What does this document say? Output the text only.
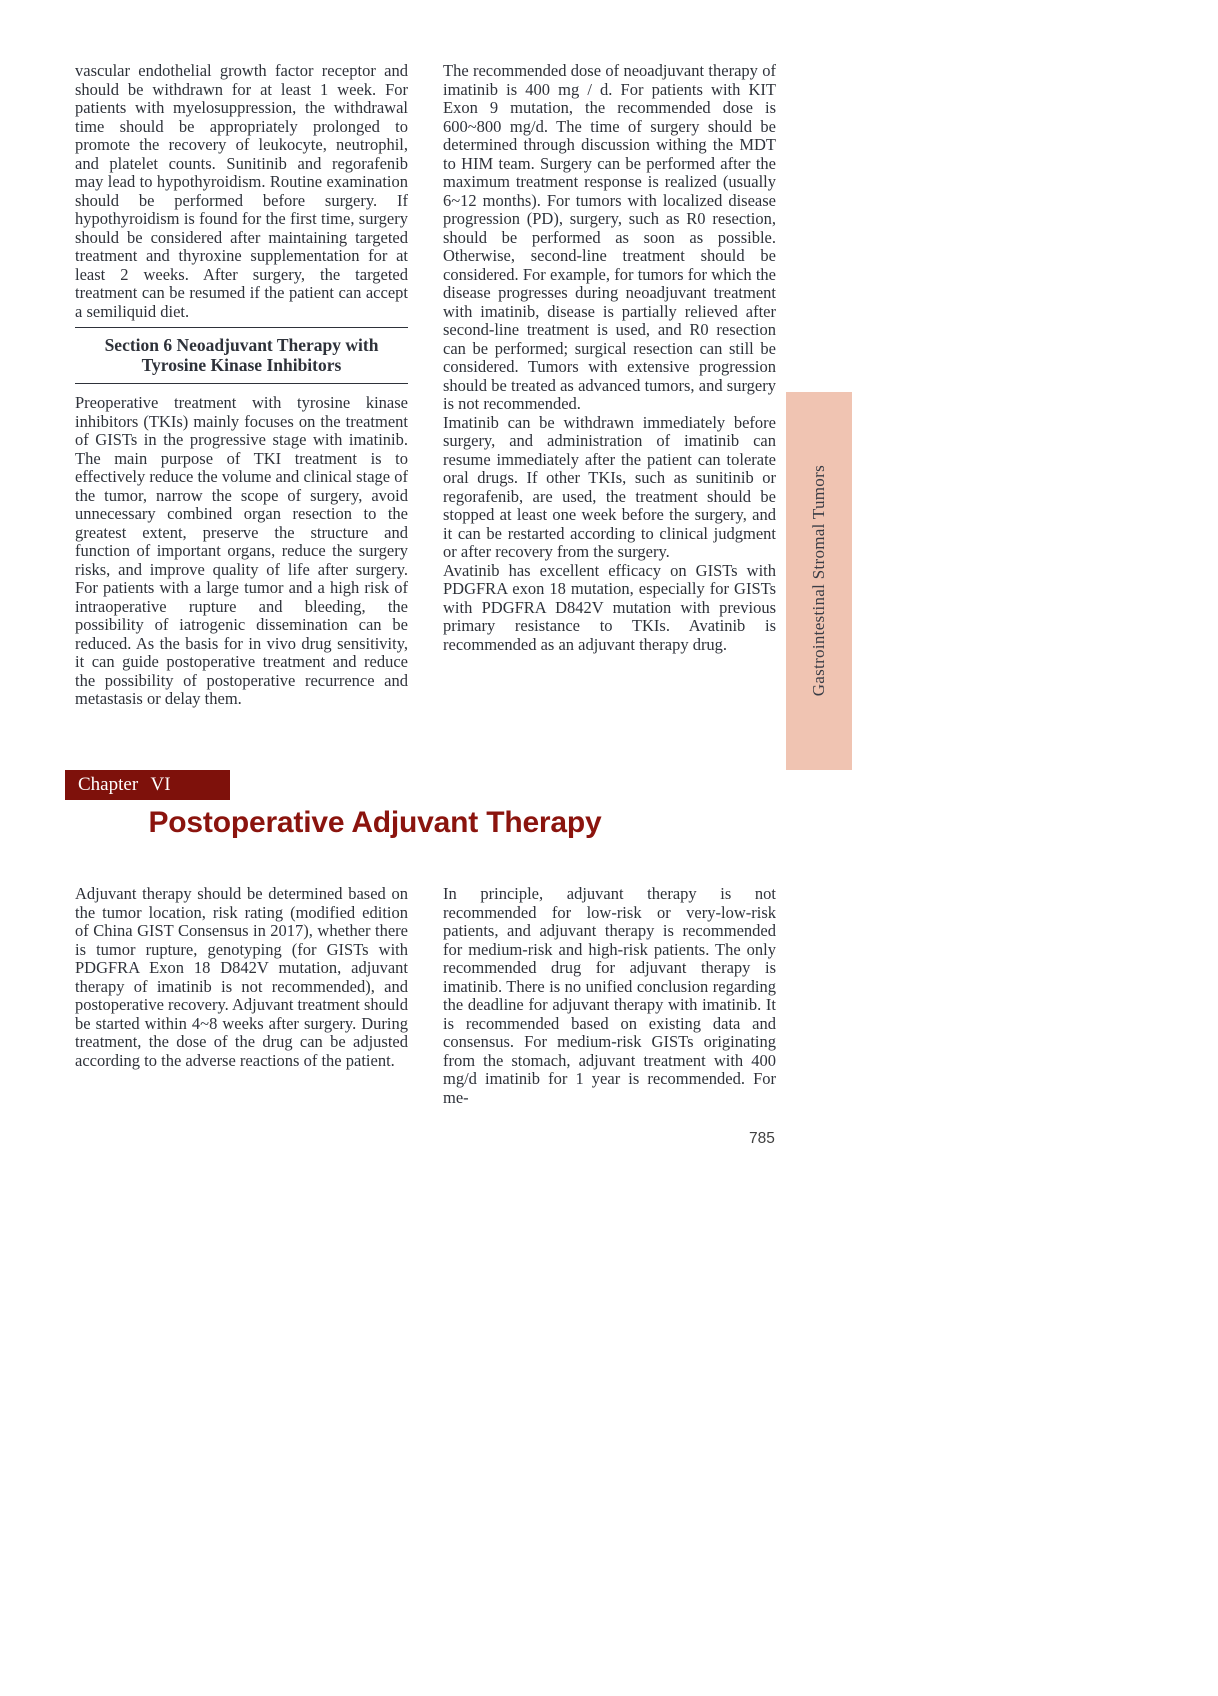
vascular endothelial growth factor receptor and should be withdrawn for at least 1 week. For patients with myelosuppression, the withdrawal time should be appropriately prolonged to promote the recovery of leukocyte, neutrophil, and platelet counts. Sunitinib and regorafenib may lead to hypothyroidism. Routine examination should be performed before surgery. If hypothyroidism is found for the first time, surgery should be considered after maintaining targeted treatment and thyroxine supplementation for at least 2 weeks. After surgery, the targeted treatment can be resumed if the patient can accept a semiliquid diet.

Section 6 Neoadjuvant Therapy with
Tyrosine Kinase Inhibitors

Preoperative treatment with tyrosine kinase inhibitors (TKIs) mainly focuses on the treatment of GISTs in the progressive stage with imatinib. The main purpose of TKI treatment is to effectively reduce the volume and clinical stage of the tumor, narrow the scope of surgery, avoid unnecessary combined organ resection to the greatest extent, preserve the structure and function of important organs, reduce the surgery risks, and improve quality of life after surgery. For patients with a large tumor and a high risk of intraoperative rupture and bleeding, the possibility of iatrogenic dissemination can be reduced. As the basis for in vivo drug sensitivity, it can guide postoperative treatment and reduce the possibility of postoperative recurrence and metastasis or delay them.

The recommended dose of neoadjuvant therapy of imatinib is 400 mg / d. For patients with KIT Exon 9 mutation, the recommended dose is 600~800 mg/d. The time of surgery should be determined through discussion withing the MDT to HIM team. Surgery can be performed after the maximum treatment response is realized (usually 6~12 months). For tumors with localized disease progression (PD), surgery, such as R0 resection, should be performed as soon as possible. Otherwise, second-line treatment should be considered. For example, for tumors for which the disease progresses during neoadjuvant treatment with imatinib, disease is partially relieved after second-line treatment is used, and R0 resection can be performed; surgical resection can still be considered. Tumors with extensive progression should be treated as advanced tumors, and surgery is not recommended.

Imatinib can be withdrawn immediately before surgery, and administration of imatinib can resume immediately after the patient can tolerate oral drugs. If other TKIs, such as sunitinib or regorafenib, are used, the treatment should be stopped at least one week before the surgery, and it can be restarted according to clinical judgment or after recovery from the surgery.

Avatinib has excellent efficacy on GISTs with PDGFRA exon 18 mutation, especially for GISTs with PDGFRA D842V mutation with previous primary resistance to TKIs. Avatinib is recommended as an adjuvant therapy drug.

Chapter VI
Postoperative Adjuvant Therapy

Adjuvant therapy should be determined based on the tumor location, risk rating (modified edition of China GIST Consensus in 2017), whether there is tumor rupture, genotyping (for GISTs with PDGFRA Exon 18 D842V mutation, adjuvant therapy of imatinib is not recommended), and postoperative recovery. Adjuvant treatment should be started within 4~8 weeks after surgery. During treatment, the dose of the drug can be adjusted according to the adverse reactions of the patient.

In principle, adjuvant therapy is not recommended for low-risk or very-low-risk patients, and adjuvant therapy is recommended for medium-risk and high-risk patients. The only recommended drug for adjuvant therapy is imatinib. There is no unified conclusion regarding the deadline for adjuvant therapy with imatinib. It is recommended based on existing data and consensus. For medium-risk GISTs originating from the stomach, adjuvant treatment with 400 mg/d imatinib for 1 year is recommended. For me-

Gastrointestinal Stromal Tumors
785
